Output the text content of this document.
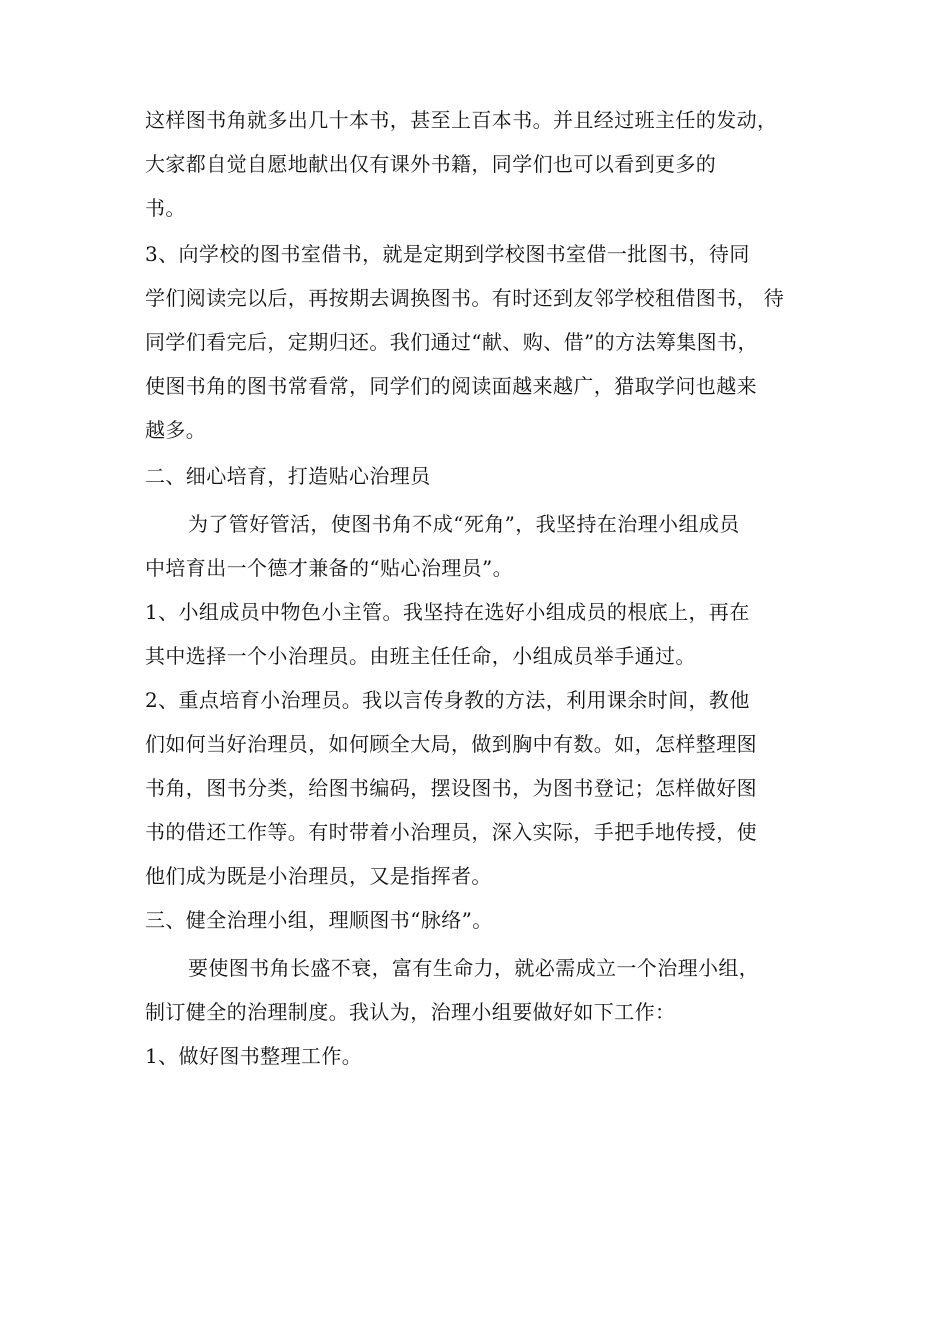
这样图书角就多出几十本书，甚至上百本书。并且经过班主任的发动，

大家都自觉自愿地献出仅有课外书籍，同学们也可以看到更多的

书。

3、向学校的图书室借书，就是定期到学校图书室借一批图书，待同

学们阅读完以后，再按期去调换图书。有时还到友邻学校租借图书， 待

同学们看完后，定期归还。我们通过“献、购、借”的方法筹集图书，

使图书角的图书常看常，同学们的阅读面越来越广，猎取学问也越来

越多。

二、细心培育，打造贴心治理员

为了管好管活，使图书角不成“死角”，我坚持在治理小组成员

中培育出一个德才兼备的“贴心治理员”。

1、小组成员中物色小主管。我坚持在选好小组成员的根底上，再在

其中选择一个小治理员。由班主任任命，小组成员举手通过。

2、重点培育小治理员。我以言传身教的方法，利用课余时间，教他

们如何当好治理员，如何顾全大局，做到胸中有数。如，怎样整理图

书角，图书分类，给图书编码，摆设图书，为图书登记；怎样做好图

书的借还工作等。有时带着小治理员，深入实际，手把手地传授，使

他们成为既是小治理员，又是指挥者。

三、健全治理小组，理顺图书“脉络”。

要使图书角长盛不衰，富有生命力，就必需成立一个治理小组，

制订健全的治理制度。我认为，治理小组要做好如下工作：

1、做好图书整理工作。
